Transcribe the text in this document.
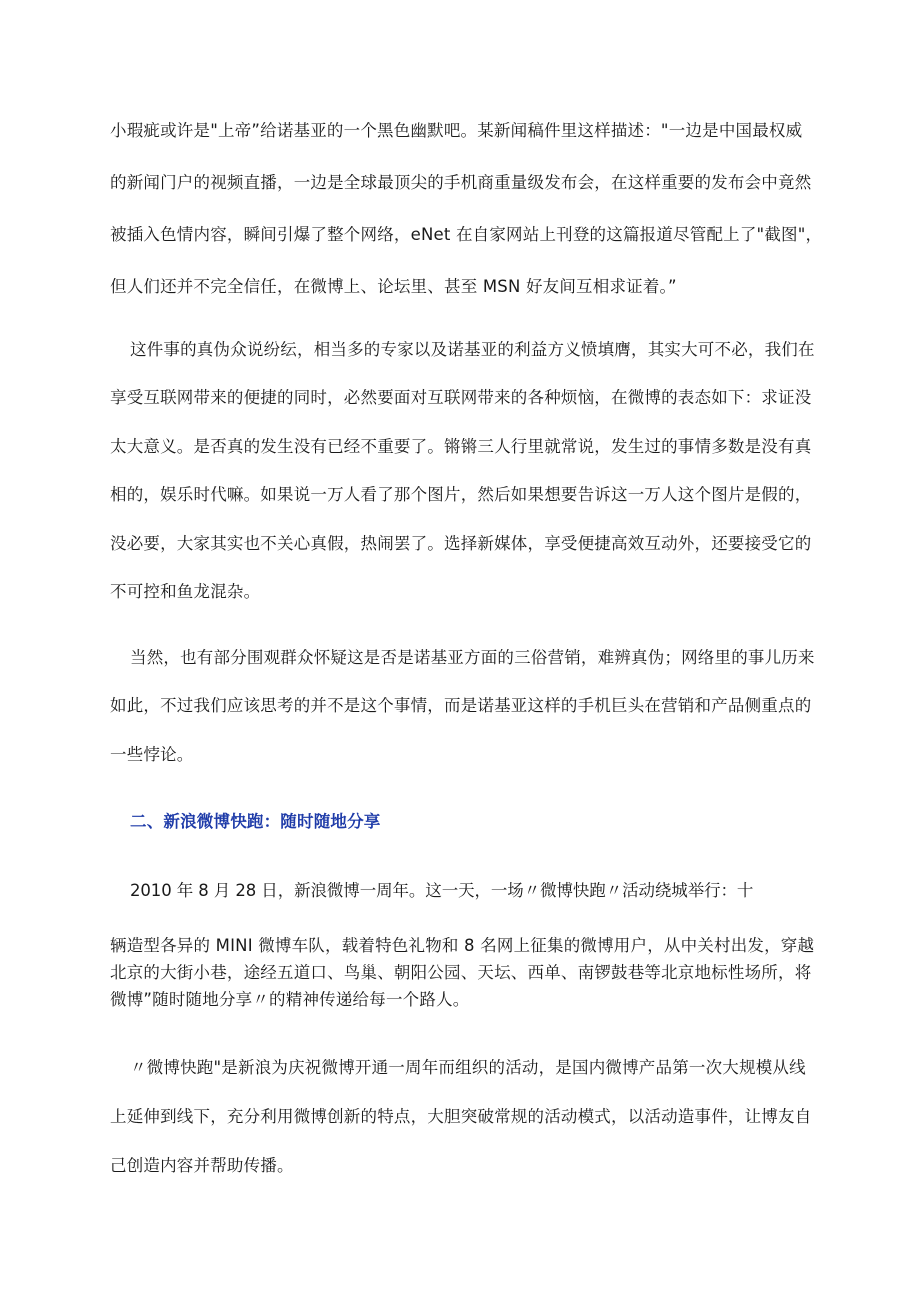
小瑕疵或许是"上帝”给诺基亚的一个黑色幽默吧。某新闻稿件里这样描述："一边是中国最权威
的新闻门户的视频直播，一边是全球最顶尖的手机商重量级发布会，在这样重要的发布会中竟然
被插入色情内容，瞬间引爆了整个网络，eNet 在自家网站上刊登的这篇报道尽管配上了"截图"，
但人们还并不完全信任，在微博上、论坛里、甚至 MSN 好友间互相求证着。”
这件事的真伪众说纷纭，相当多的专家以及诺基亚的利益方义愤填膺，其实大可不必，我们在
享受互联网带来的便捷的同时，必然要面对互联网带来的各种烦恼，在微博的表态如下：求证没
太大意义。是否真的发生没有已经不重要了。锵锵三人行里就常说，发生过的事情多数是没有真
相的，娱乐时代嘛。如果说一万人看了那个图片，然后如果想要告诉这一万人这个图片是假的，
没必要，大家其实也不关心真假，热闹罢了。选择新媒体，享受便捷高效互动外，还要接受它的
不可控和鱼龙混杂。
当然，也有部分围观群众怀疑这是否是诺基亚方面的三俗营销，难辨真伪；网络里的事儿历来
如此，不过我们应该思考的并不是这个事情，而是诺基亚这样的手机巨头在营销和产品侧重点的
一些悖论。
二、新浪微博快跑：随时随地分享
2010 年 8 月 28 日，新浪微博一周年。这一天，一场〃微博快跑〃活动绕城举行：十
辆造型各异的 MINI 微博车队，载着特色礼物和 8 名网上征集的微博用户，从中关村出发，穿越
北京的大街小巷，途经五道口、鸟巢、朝阳公园、天坛、西单、南锣鼓巷等北京地标性场所，将
微博”随时随地分享〃的精神传递给每一个路人。
〃微博快跑"是新浪为庆祝微博开通一周年而组织的活动，是国内微博产品第一次大规模从线
上延伸到线下，充分利用微博创新的特点，大胆突破常规的活动模式，以活动造事件，让博友自
己创造内容并帮助传播。
